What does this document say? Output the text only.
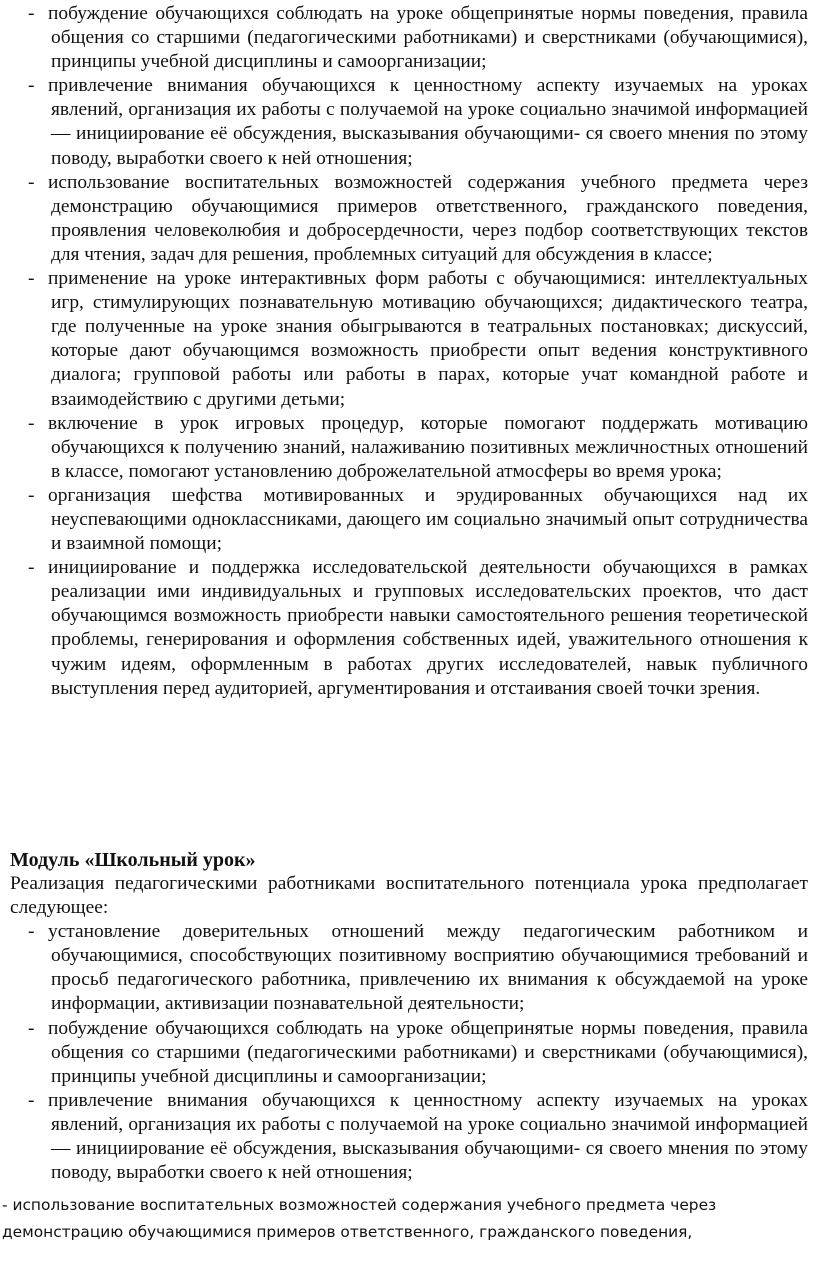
- побуждение обучающихся соблюдать на уроке общепринятые нормы поведения, правила общения со старшими (педагогическими работниками) и сверстниками (обучающимися), принципы учебной дисциплины и самоорганизации;

- привлечение внимания обучающихся к ценностному аспекту изучаемых на уроках явлений, организация их работы с получаемой на уроке социально значимой информацией — инициирование её обсуждения, высказывания обучающими- ся своего мнения по этому поводу, выработки своего к ней отношения;

- использование воспитательных возможностей содержания учебного предмета через демонстрацию обучающимися примеров ответственного, гражданского поведения, проявления человеколюбия и добросердечности, через подбор соответствующих текстов для чтения, задач для решения, проблемных ситуаций для обсуждения в классе;

- применение на уроке интерактивных форм работы с обучающимися: интеллектуальных игр, стимулирующих познавательную мотивацию обучающихся; дидактического театра, где полученные на уроке знания обыгрываются в театральных постановках; дискуссий, которые дают обучающимся возможность приобрести опыт ведения конструктивного диалога; групповой работы или работы в парах, которые учат командной работе и взаимодействию с другими детьми;

- включение в урок игровых процедур, которые помогают поддержать мотивацию обучающихся к получению знаний, налаживанию позитивных межличностных отношений в классе, помогают установлению доброжелательной атмосферы во время урока;

- организация шефства мотивированных и эрудированных обучающихся над их неуспевающими одноклассниками, дающего им социально значимый опыт сотрудничества и взаимной помощи;

- инициирование и поддержка исследовательской деятельности обучающихся в рамках реализации ими индивидуальных и групповых исследовательских проектов, что даст обучающимся возможность приобрести навыки самостоятельного решения теоретической проблемы, генерирования и оформления собственных идей, уважительного отношения к чужим идеям, оформленным в работах других исследователей, навык публичного выступления перед аудиторией, аргументирования и отстаивания своей точки зрения.

Модуль «Школьный урок»

Реализация педагогическими работниками воспитательного потенциала урока предполагает следующее:

- установление доверительных отношений между педагогическим работником и обучающимися, способствующих позитивному восприятию обучающимися требований и просьб педагогического работника, привлечению их внимания к обсуждаемой на уроке информации, активизации познавательной деятельности;

- побуждение обучающихся соблюдать на уроке общепринятые нормы поведения, правила общения со старшими (педагогическими работниками) и сверстниками (обучающимися), принципы учебной дисциплины и самоорганизации;

- привлечение внимания обучающихся к ценностному аспекту изучаемых на уроках явлений, организация их работы с получаемой на уроке социально значимой информацией — инициирование её обсуждения, высказывания обучающими- ся своего мнения по этому поводу, выработки своего к ней отношения;

- использование воспитательных возможностей содержания учебного предмета через

демонстрацию обучающимися примеров ответственного, гражданского поведения,
